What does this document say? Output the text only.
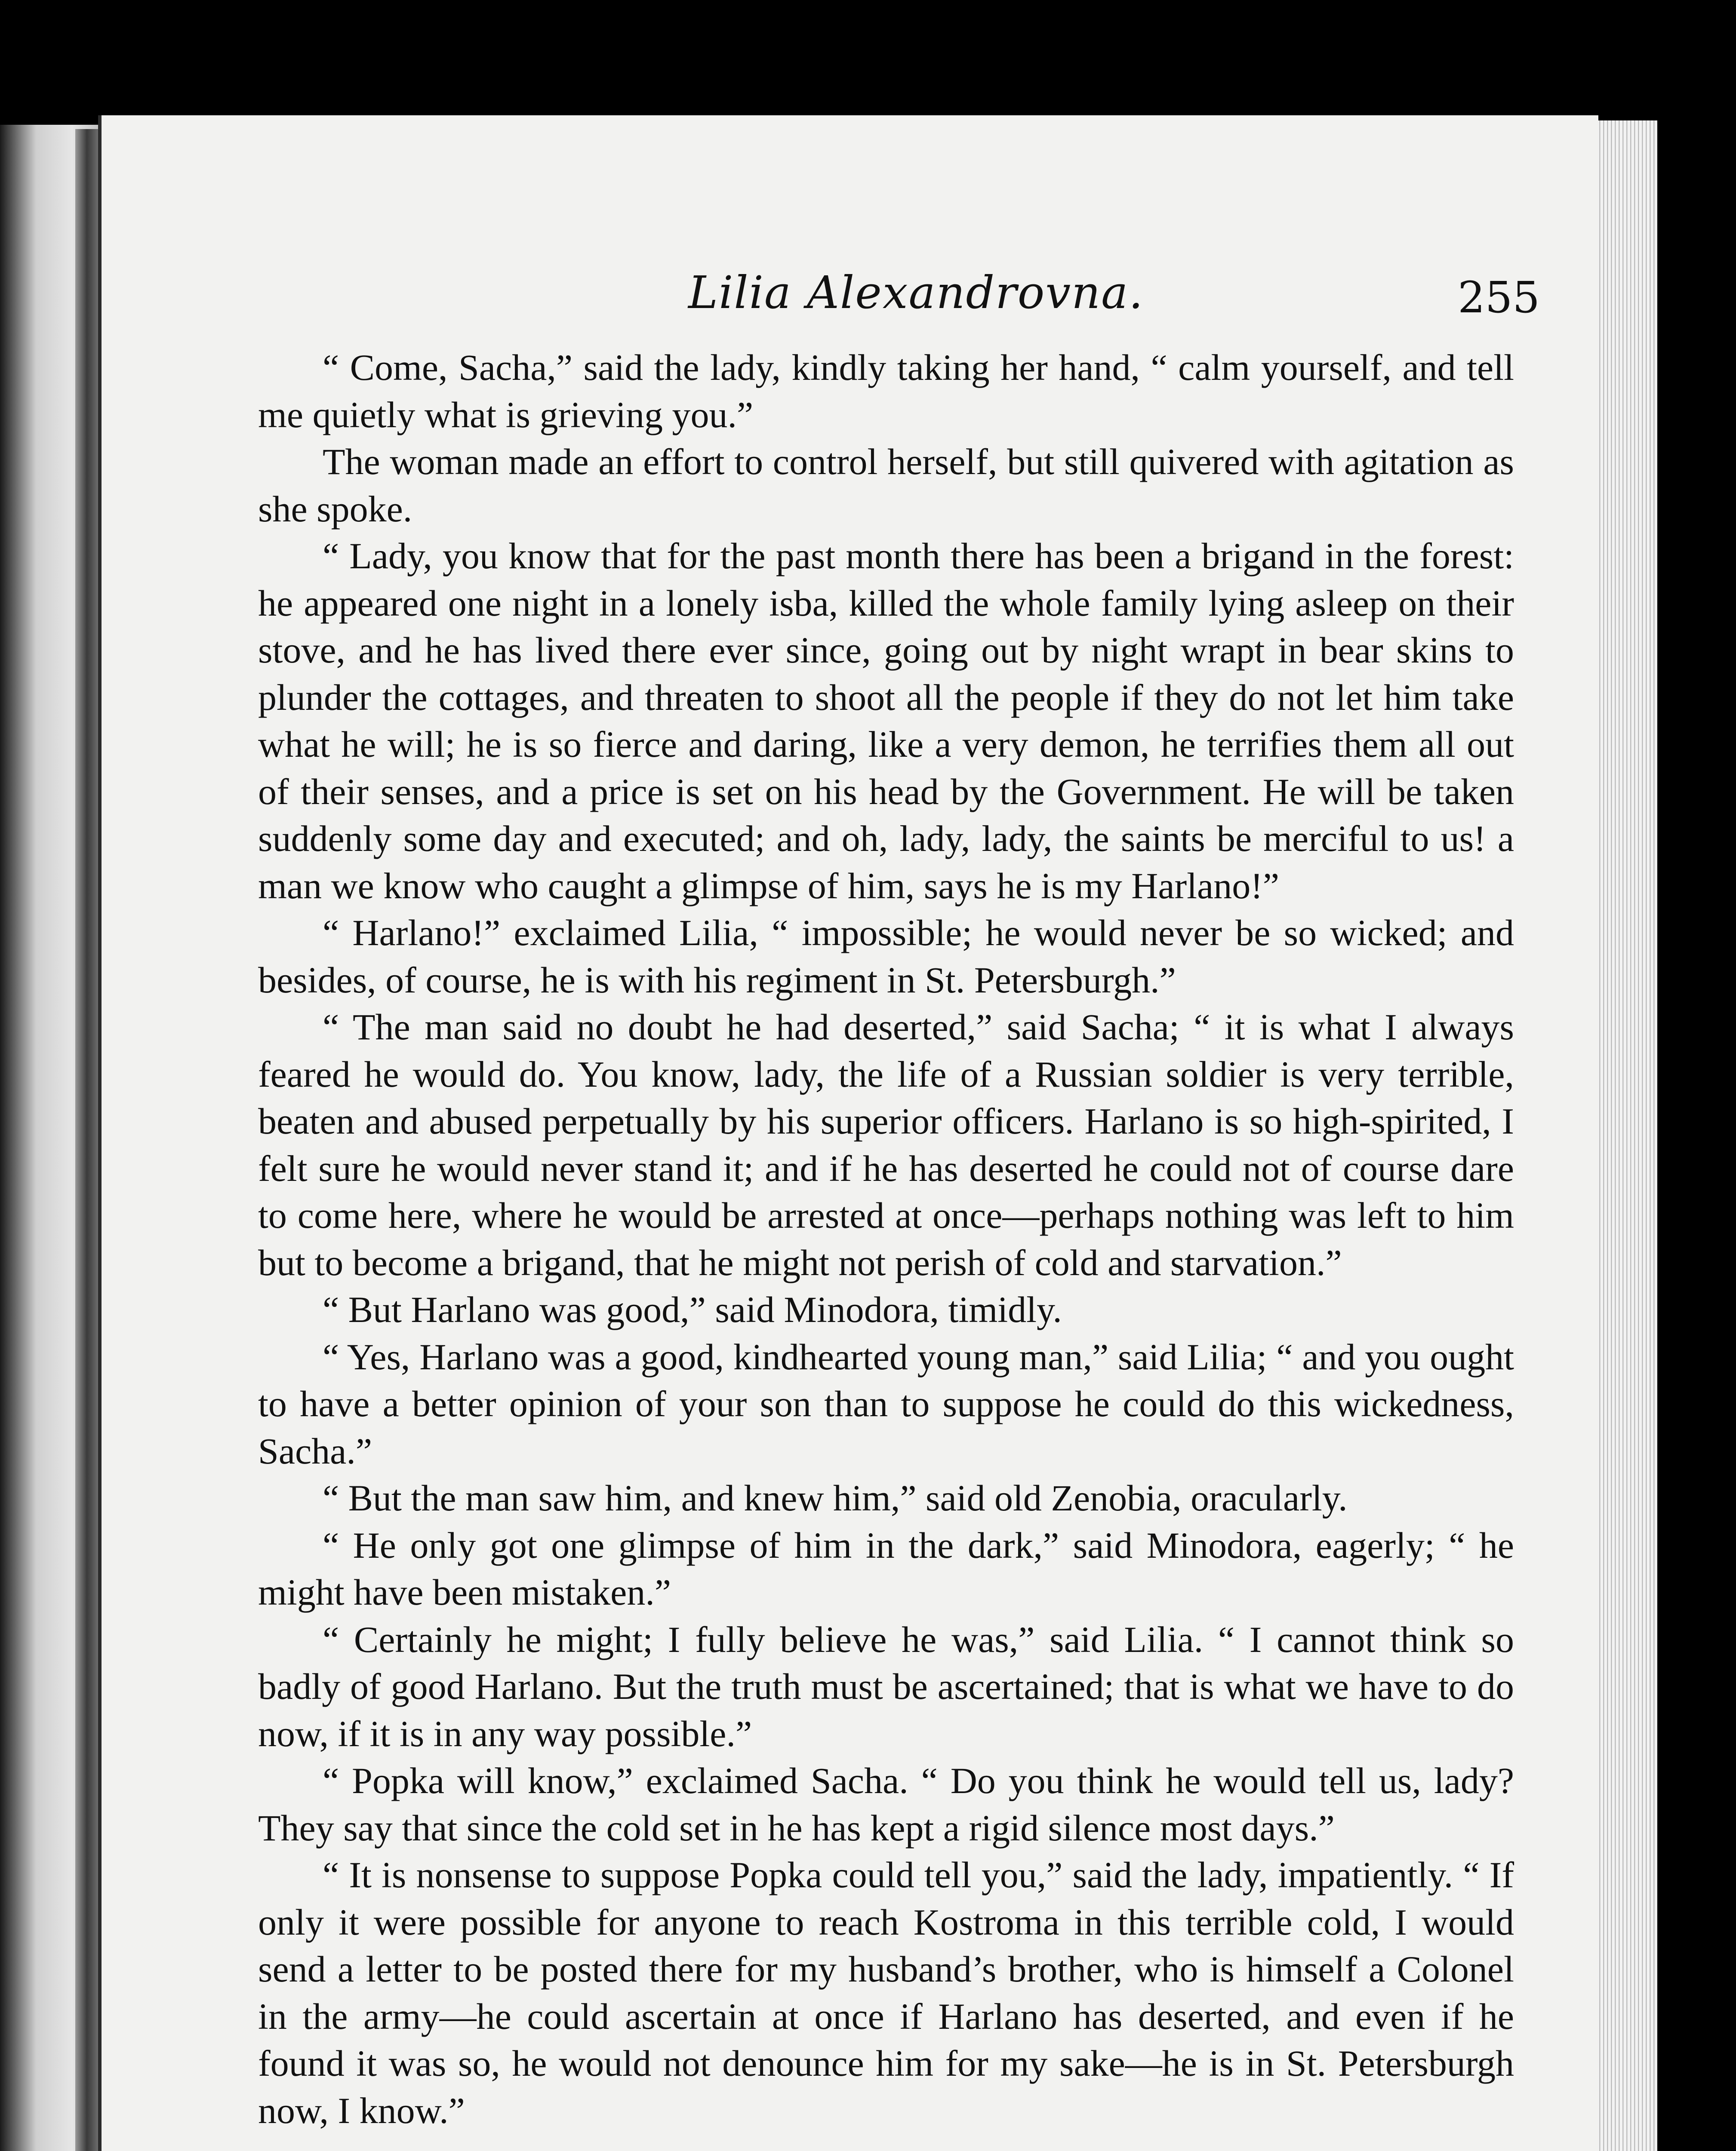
Lilia Alexandrovna.	255

“ Come, Sacha,” said the lady, kindly taking her hand, “ calm yourself, and tell me quietly what is grieving you.”

The woman made an effort to control herself, but still quivered with agitation as she spoke.

“ Lady, you know that for the past month there has been a brigand in the forest: he appeared one night in a lonely isba, killed the whole family lying asleep on their stove, and he has lived there ever since, going out by night wrapt in bear skins to plunder the cottages, and threaten to shoot all the people if they do not let him take what he will; he is so fierce and daring, like a very demon, he terrifies them all out of their senses, and a price is set on his head by the Government. He will be taken suddenly some day and executed; and oh, lady, lady, the saints be merciful to us! a man we know who caught a glimpse of him, says he is my Harlano!”

“ Harlano!” exclaimed Lilia, “ impossible; he would never be so wicked; and besides, of course, he is with his regiment in St. Petersburgh.”

“ The man said no doubt he had deserted,” said Sacha; “ it is what I always feared he would do. You know, lady, the life of a Russian soldier is very terrible, beaten and abused perpetually by his superior officers. Harlano is so high-spirited, I felt sure he would never stand it; and if he has deserted he could not of course dare to come here, where he would be arrested at once—perhaps nothing was left to him but to become a brigand, that he might not perish of cold and starvation.”

“ But Harlano was good,” said Minodora, timidly.

“ Yes, Harlano was a good, kindhearted young man,” said Lilia; “ and you ought to have a better opinion of your son than to suppose he could do this wickedness, Sacha.”

“ But the man saw him, and knew him,” said old Zenobia, oracularly.

“ He only got one glimpse of him in the dark,” said Minodora, eagerly; “ he might have been mistaken.”

“ Certainly he might; I fully believe he was,” said Lilia. “ I cannot think so badly of good Harlano. But the truth must be ascertained; that is what we have to do now, if it is in any way possible.”

“ Popka will know,” exclaimed Sacha. “ Do you think he would tell us, lady? They say that since the cold set in he has kept a rigid silence most days.”

“ It is nonsense to suppose Popka could tell you,” said the lady, impatiently. “ If only it were possible for anyone to reach Kostroma in this terrible cold, I would send a letter to be posted there for my husband’s brother, who is himself a Colonel in the army—he could ascertain at once if Harlano has deserted, and even if he found it was so, he would not denounce him for my sake—he is in St. Petersburgh now, I know.”
